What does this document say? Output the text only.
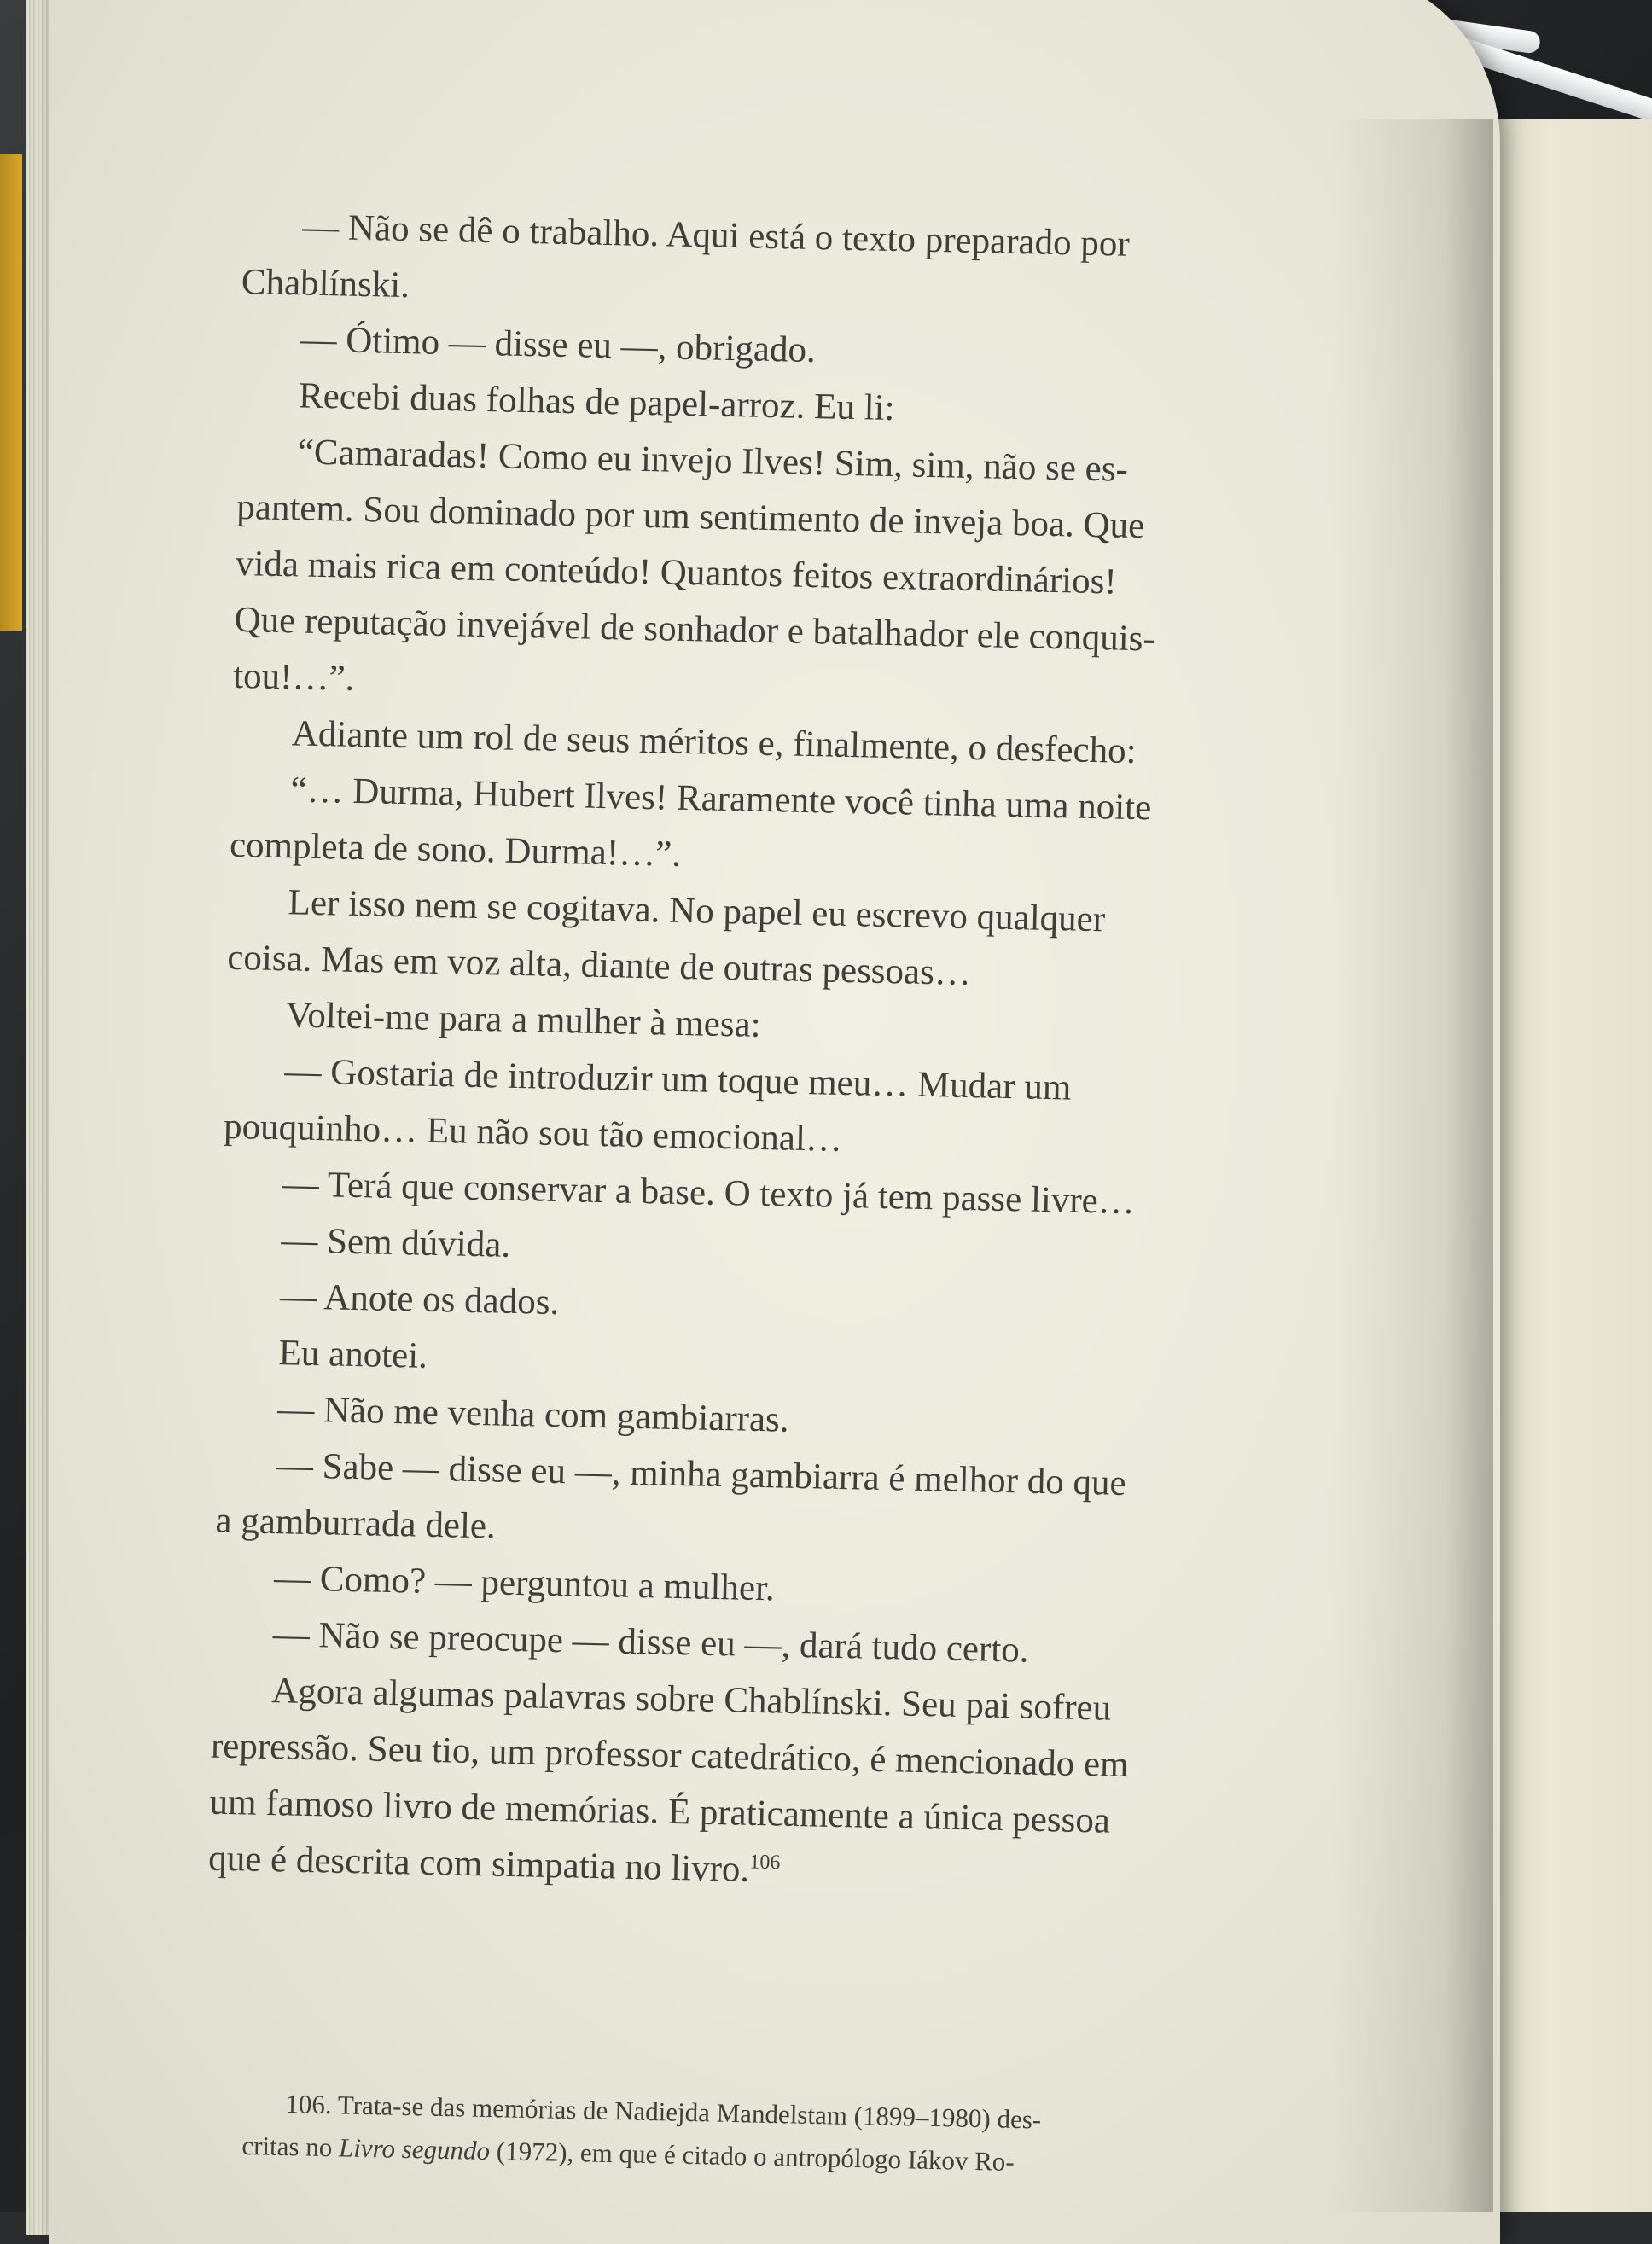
— Não se dê o trabalho. Aqui está o texto preparado por
Chablínski.
— Ótimo — disse eu —, obrigado.
Recebi duas folhas de papel-arroz. Eu li:
“Camaradas! Como eu invejo Ilves! Sim, sim, não se es-
pantem. Sou dominado por um sentimento de inveja boa. Que
vida mais rica em conteúdo! Quantos feitos extraordinários!
Que reputação invejável de sonhador e batalhador ele conquis-
tou!…”.
Adiante um rol de seus méritos e, finalmente, o desfecho:
“… Durma, Hubert Ilves! Raramente você tinha uma noite
completa de sono. Durma!…”.
Ler isso nem se cogitava. No papel eu escrevo qualquer
coisa. Mas em voz alta, diante de outras pessoas…
Voltei-me para a mulher à mesa:
— Gostaria de introduzir um toque meu… Mudar um
pouquinho… Eu não sou tão emocional…
— Terá que conservar a base. O texto já tem passe livre…
— Sem dúvida.
— Anote os dados.
Eu anotei.
— Não me venha com gambiarras.
— Sabe — disse eu —, minha gambiarra é melhor do que
a gamburrada dele.
— Como? — perguntou a mulher.
— Não se preocupe — disse eu —, dará tudo certo.
Agora algumas palavras sobre Chablínski. Seu pai sofreu
repressão. Seu tio, um professor catedrático, é mencionado em
um famoso livro de memórias. É praticamente a única pessoa
que é descrita com simpatia no livro.$^{106}$
106. Trata-se das memórias de Nadiejda Mandelstam (1899–1980) des-
critas no Livro segundo (1972), em que é citado o antropólogo Iákov Ro-
